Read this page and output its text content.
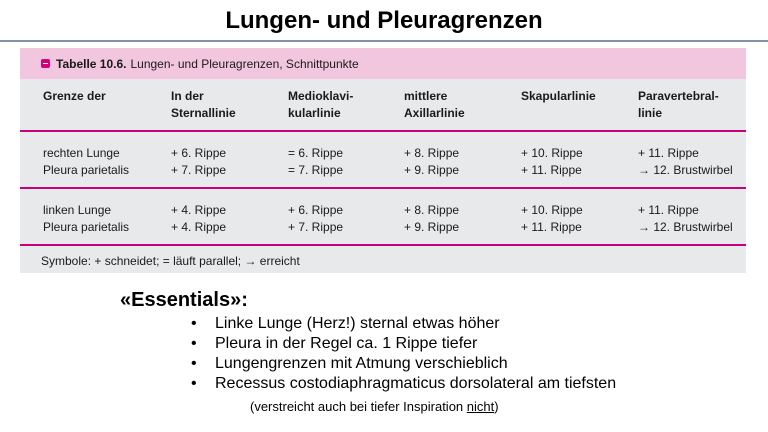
Lungen- und Pleuragrenzen
Tabelle 10.6. Lungen- und Pleuragrenzen, Schnittpunkte
Grenze der	In der
Sternallinie
Medioklavi-
kularlinie
mittlere
Axillarlinie
Skapularlinie	Paravertebral-
linie
rechten Lunge
Pleura parietalis
+ 6. Rippe
+ 7. Rippe
= 6. Rippe
= 7. Rippe
+ 8. Rippe
+ 9. Rippe
+ 10. Rippe
+ 11. Rippe
+ 11. Rippe
→ 12. Brustwirbel
linken Lunge
Pleura parietalis
+ 4. Rippe
+ 4. Rippe
+ 6. Rippe
+ 7. Rippe
+ 8. Rippe
+ 9. Rippe
+ 10. Rippe
+ 11. Rippe
+ 11. Rippe
→ 12. Brustwirbel
Symbole: + schneidet; = läuft parallel; → erreicht
«Essentials»:
• Linke Lunge (Herz!) sternal etwas höher
• Pleura in der Regel ca. 1 Rippe tiefer
• Lungengrenzen mit Atmung verschieblich
• Recessus costodiaphragmaticus dorsolateral am tiefsten
(verstreicht auch bei tiefer Inspiration nicht)
